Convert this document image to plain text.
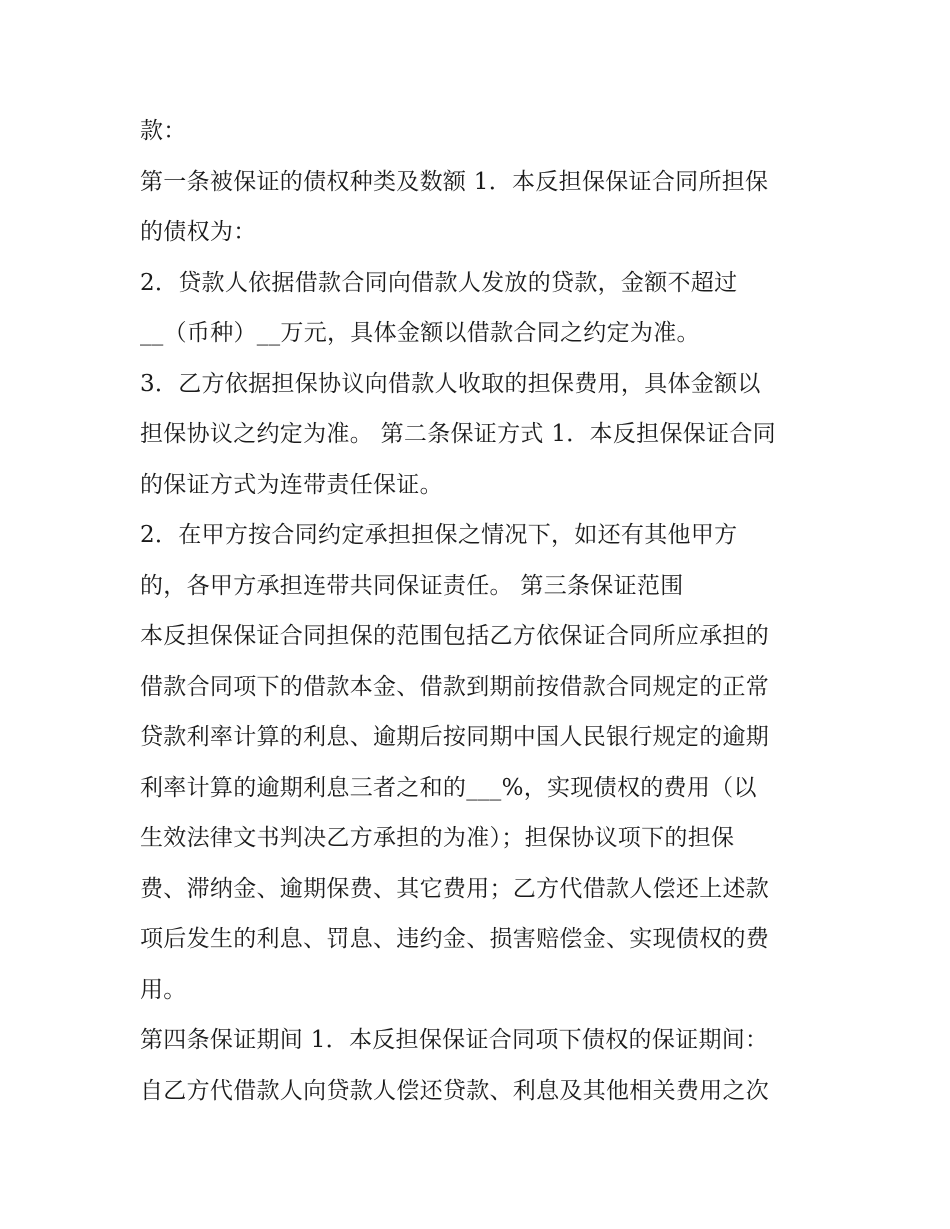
款：
第一条被保证的债权种类及数额 1．本反担保保证合同所担保
的债权为：
2．贷款人依据借款合同向借款人发放的贷款，金额不超过
__（币种）__万元，具体金额以借款合同之约定为准。
3．乙方依据担保协议向借款人收取的担保费用，具体金额以
担保协议之约定为准。 第二条保证方式 1．本反担保保证合同
的保证方式为连带责任保证。
2．在甲方按合同约定承担担保之情况下，如还有其他甲方
的，各甲方承担连带共同保证责任。 第三条保证范围
本反担保保证合同担保的范围包括乙方依保证合同所应承担的
借款合同项下的借款本金、借款到期前按借款合同规定的正常
贷款利率计算的利息、逾期后按同期中国人民银行规定的逾期
利率计算的逾期利息三者之和的___%，实现债权的费用（以
生效法律文书判决乙方承担的为准）；担保协议项下的担保
费、滞纳金、逾期保费、其它费用；乙方代借款人偿还上述款
项后发生的利息、罚息、违约金、损害赔偿金、实现债权的费
用。
第四条保证期间 1．本反担保保证合同项下债权的保证期间：
自乙方代借款人向贷款人偿还贷款、利息及其他相关费用之次
